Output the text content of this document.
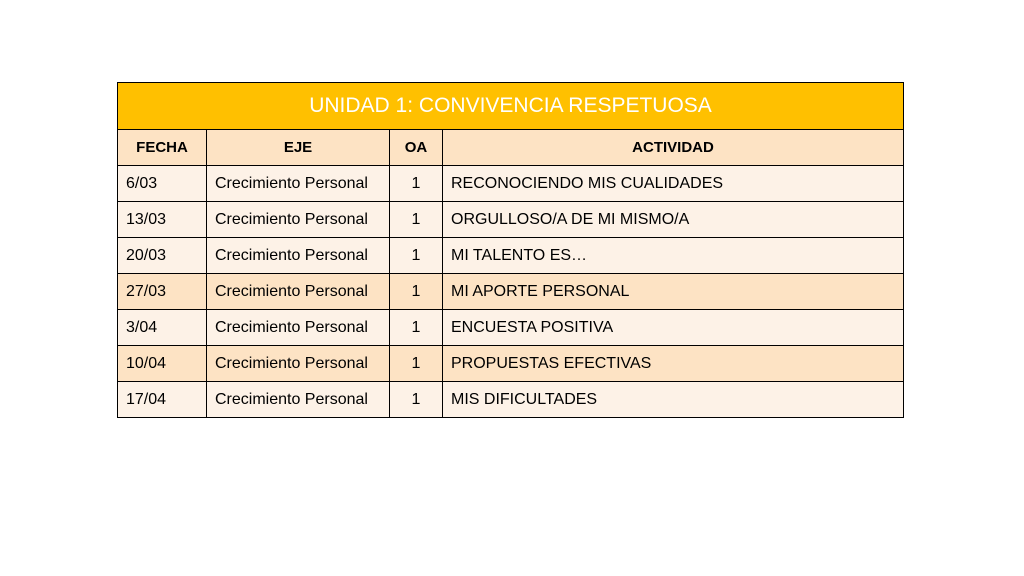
UNIDAD 1: CONVIVENCIA RESPETUOSA			
FECHA	EJE	OA	ACTIVIDAD
6/03	Crecimiento Personal	1	RECONOCIENDO MIS CUALIDADES
13/03	Crecimiento Personal	1	ORGULLOSO/A DE MI MISMO/A
20/03	Crecimiento Personal	1	MI TALENTO ES…
27/03	Crecimiento Personal	1	MI APORTE PERSONAL
3/04	Crecimiento Personal	1	ENCUESTA POSITIVA
10/04	Crecimiento Personal	1	PROPUESTAS EFECTIVAS
17/04	Crecimiento Personal	1	MIS DIFICULTADES
